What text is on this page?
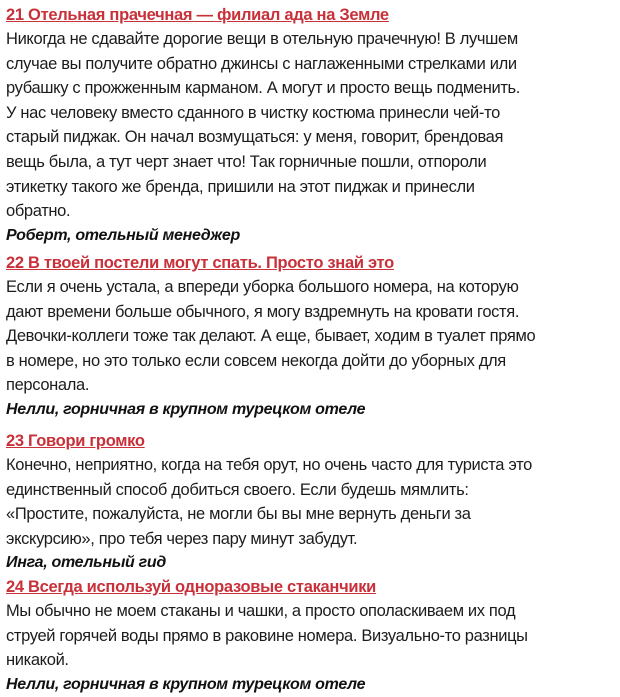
21 Отельная прачечная — филиал ада на Земле
Никогда не сдавайте дорогие вещи в отельную прачечную! В лучшем
случае вы получите обратно джинсы с наглаженными стрелками или
рубашку с прожженным карманом. А могут и просто вещь подменить.
У нас человеку вместо сданного в чистку костюма принесли чей-то
старый пиджак. Он начал возмущаться: у меня, говорит, брендовая
вещь была, а тут черт знает что! Так горничные пошли, отпороли
этикетку такого же бренда, пришили на этот пиджак и принесли
обратно.
Роберт, отельный менеджер
22 В твоей постели могут спать. Просто знай это
Если я очень устала, а впереди уборка большого номера, на которую
дают времени больше обычного, я могу вздремнуть на кровати гостя.
Девочки-коллеги тоже так делают. А еще, бывает, ходим в туалет прямо
в номере, но это только если совсем некогда дойти до уборных для
персонала.
Нелли, горничная в крупном турецком отеле
23 Говори громко
Конечно, неприятно, когда на тебя орут, но очень часто для туриста это
единственный способ добиться своего. Если будешь мямлить:
«Простите, пожалуйста, не могли бы вы мне вернуть деньги за
экскурсию», про тебя через пару минут забудут.
Инга, отельный гид
24 Всегда используй одноразовые стаканчики
Мы обычно не моем стаканы и чашки, а просто ополаскиваем их под
струей горячей воды прямо в раковине номера. Визуально-то разницы
никакой.
Нелли, горничная в крупном турецком отеле
